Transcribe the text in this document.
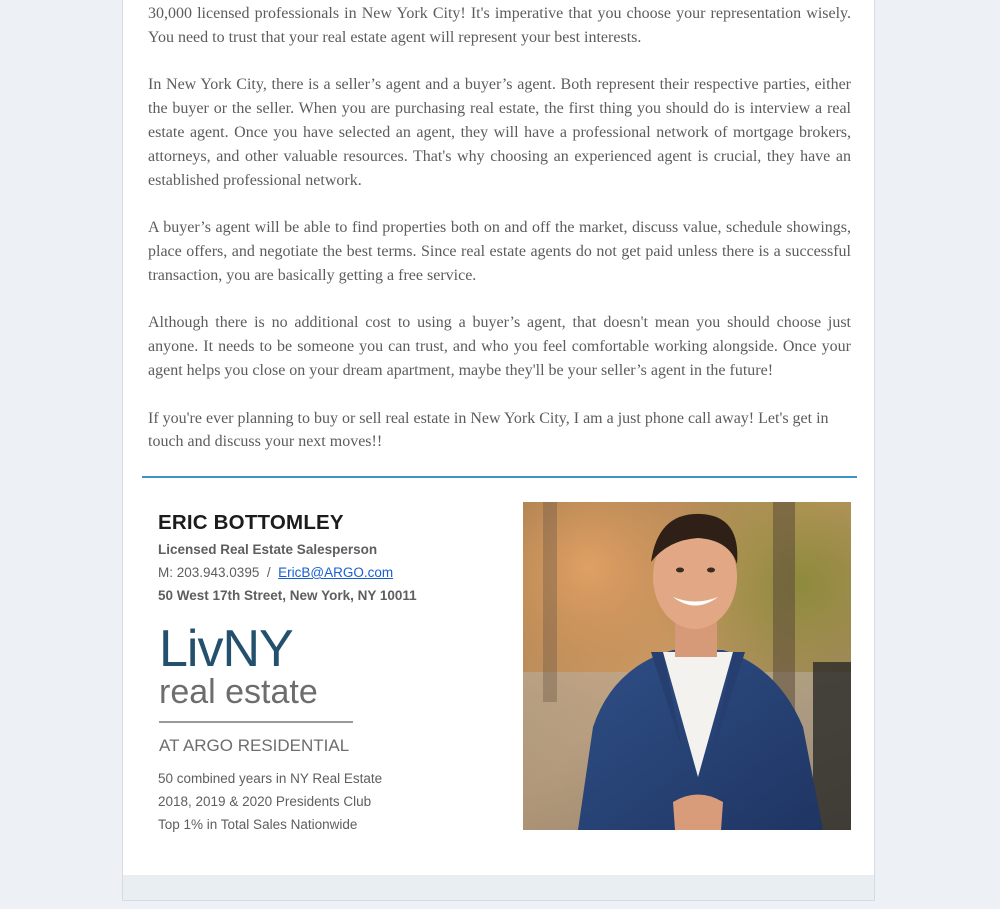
30,000 licensed professionals in New York City! It's imperative that you choose your representation wisely. You need to trust that your real estate agent will represent your best interests.

In New York City, there is a seller’s agent and a buyer’s agent. Both represent their respective parties, either the buyer or the seller. When you are purchasing real estate, the first thing you should do is interview a real estate agent. Once you have selected an agent, they will have a professional network of mortgage brokers, attorneys, and other valuable resources. That's why choosing an experienced agent is crucial, they have an established professional network.

A buyer’s agent will be able to find properties both on and off the market, discuss value, schedule showings, place offers, and negotiate the best terms. Since real estate agents do not get paid unless there is a successful transaction, you are basically getting a free service.

Although there is no additional cost to using a buyer’s agent, that doesn't mean you should choose just anyone. It needs to be someone you can trust, and who you feel comfortable working alongside. Once your agent helps you close on your dream apartment, maybe they'll be your seller’s agent in the future!

If you're ever planning to buy or sell real estate in New York City, I am a just phone call away! Let's get in touch and discuss your next moves!!

ERIC BOTTOMLEY
Licensed Real Estate Salesperson
M: 203.943.0395 / EricB@ARGO.com
50 West 17th Street, New York, NY 10011
LivNY
real estate
AT ARGO RESIDENTIAL
50 combined years in NY Real Estate
2018, 2019 & 2020 Presidents Club
Top 1% in Total Sales Nationwide
